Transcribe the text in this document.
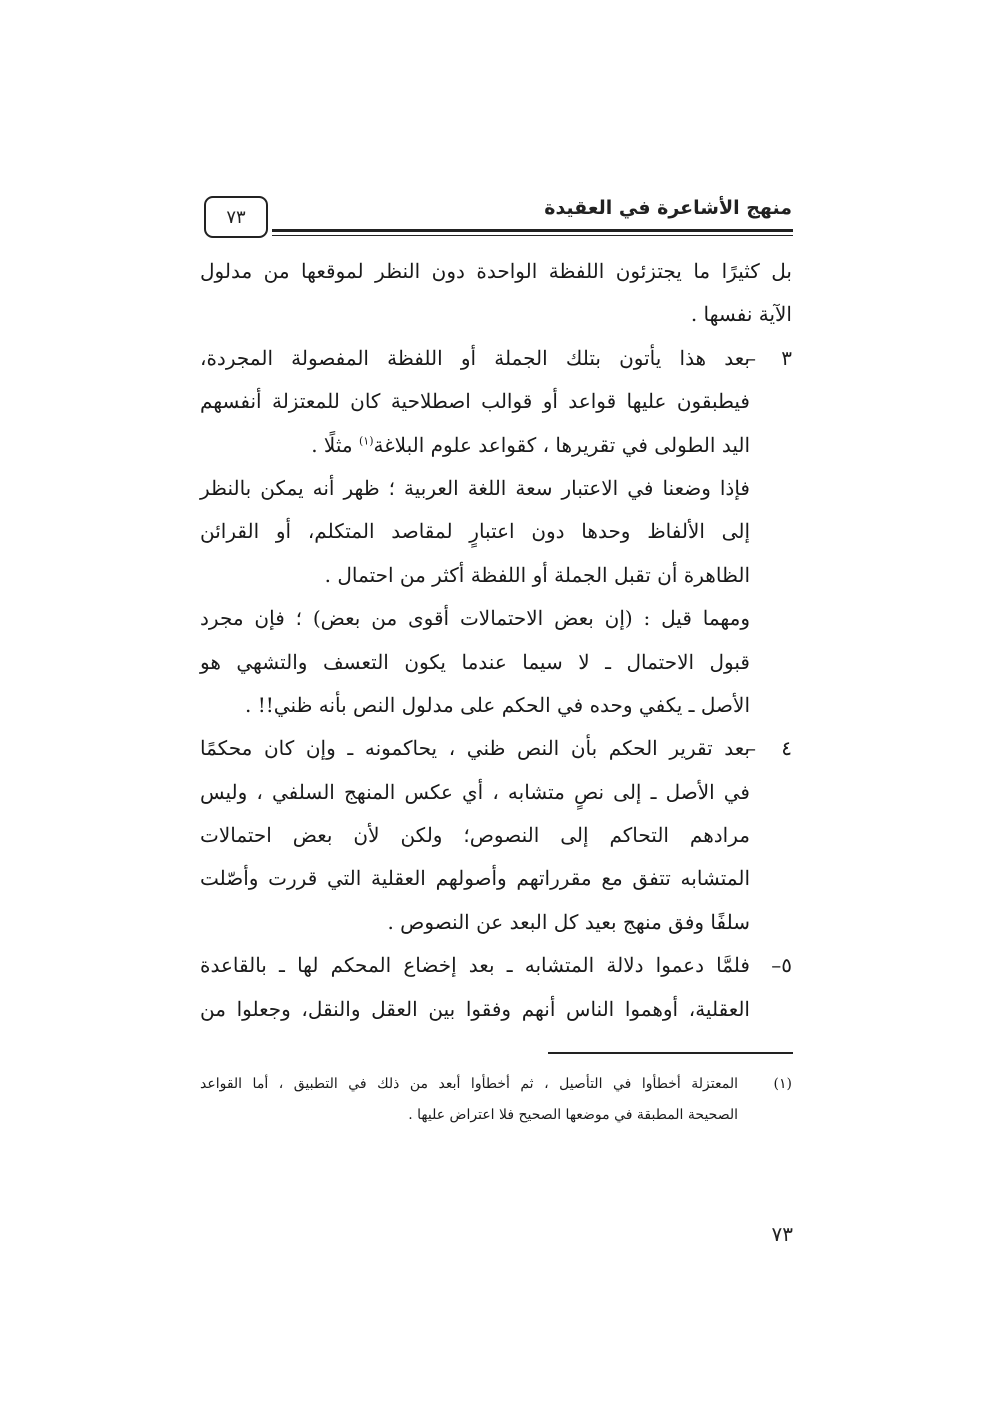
منهج الأشاعرة في العقيدة
٧٣
بل كثيرًا ما يجتزئون اللفظة الواحدة دون النظر لموقعها من مدلول
الآية نفسها .
٣ –
بعد هذا يأتون بتلك الجملة أو اللفظة المفصولة المجردة،
فيطبقون عليها قواعد أو قوالب اصطلاحية كان للمعتزلة أنفسهم
اليد الطولى في تقريرها ، كقواعد علوم البلاغة$^{(١)}$ مثلًا .
فإذا وضعنا في الاعتبار سعة اللغة العربية ؛ ظهر أنه يمكن بالنظر
إلى الألفاظ وحدها دون اعتبارٍ لمقاصد المتكلم، أو القرائن
الظاهرة أن تقبل الجملة أو اللفظة أكثر من احتمال .
ومهما قيل : (إن بعض الاحتمالات أقوى من بعض) ؛ فإن مجرد
قبول الاحتمال ـ لا سيما عندما يكون التعسف والتشهي هو
الأصل ـ يكفي وحده في الحكم على مدلول النص بأنه ظني!! .
٤ –
بعد تقرير الحكم بأن النص ظني ، يحاكمونه ـ وإن كان محكمًا
في الأصل ـ إلى نصٍ متشابه ، أي عكس المنهج السلفي ، وليس
مرادهم التحاكم إلى النصوص؛ ولكن لأن بعض احتمالات
المتشابه تتفق مع مقرراتهم وأصولهم العقلية التي قررت وأصّلت
سلفًا وفق منهج بعيد كل البعد عن النصوص .
٥–
فلمَّا دعموا دلالة المتشابه ـ بعد إخضاع المحكم لها ـ بالقاعدة
العقلية، أوهموا الناس أنهم وفقوا بين العقل والنقل، وجعلوا من
(١)
المعتزلة أخطأوا في التأصيل ، ثم أخطأوا أبعد من ذلك في التطبيق ، أما القواعد
الصحيحة المطبقة في موضعها الصحيح فلا اعتراض عليها .
٧٣
